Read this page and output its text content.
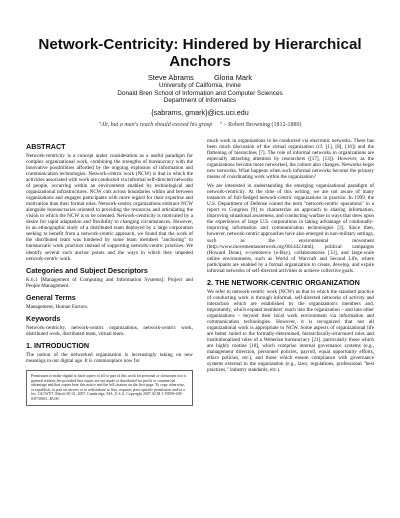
Network-Centricity: Hindered by Hierarchical Anchors
Steve Abrams	Gloria Mark
University of California, Irvine
Donald Bren School of Information and Computer Sciences
Department of Informatics
{sabrams, gmark}@ics.uci.edu
"Ah, but a man's reach should exceed his grasp " – Robert Browning (1812-1889)
ABSTRACT

Network-centricity is a concept under consideration as a useful paradigm for complex organizational work, combining the strengths of bureaucracy with the innovative possibilities afforded by the ongoing explosion of information and communication technologies. Network-centric work (NCW) is that in which the activities associated with work are conducted via informal self-directed networks of people, occurring within an environment enabled by technological and organizational infrastructures. NCW cuts across boundaries within and between organizations and engages participants with more regard for their expertise and motivation than their formal roles. Network-centric organizations embrace NCW alongside bureaucracies oriented to providing the resources and articulating the vision to which the NCW is to be oriented. Network-centricity is motivated by a desire for rapid adaptation and flexibility to changing circumstances. However, in an ethnographic study of a distributed team deployed by a large corporation seeking to benefit from a network-centric approach, we found that the work of the distributed team was hindered by some team members "anchoring" to bureaucratic work practices instead of supporting network-centric practices. We identify several such anchor points and the ways in which they impeded network-centric work.

Categories and Subject Descriptors

K.6.1 [Management of Computing and Information Systems]: Project and People Management.

General Terms

Management, Human Factors.

Keywords

Network-centricity, network-centric organizations, network-centric work, distributed work, distributed team, virtual team.

1. INTRODUCTION

The notion of the networked organization is increasingly taking on new meanings in our digital age. It is commonplace now for

Permission to make digital or hard copies of all or part of this work for personal or classroom use is granted without fee provided that copies are not made or distributed for profit or commercial advantage and that copies bear this notice and the full citation on the first page. To copy otherwise, or republish, to post on servers or to redistribute to lists, requires prior specific permission and/or a fee. CSCW'07, March 30-31, 2007, Cambridge, MA, U.S.A. Copyright 2007 ACM 1-59593-639-0/07/0003...$5.00.

much work in organizations to be conducted via electronic networks. There has been much discussion of the virtual organization (cf. [1], [8], [16]) and the flattening of hierarchies [7]. The role of informal networks in organizations are especially attracting attention by researchers ([17], [13]). However, as the organizations become more networked, the culture also changes. Networks beget new networks. What happens when such informal networks become the primary means of coordinating work within the organization?

We are interested in understanding the emerging organizational paradigm of network-centricity. At the time of this writing, we are not aware of many instances of full-fledged network-centric organizations in practice. In 1999, the U.S. Department of Defense coined the term "network-centric operations" in a report to Congress [9] to characterize an approach to sharing information, improving situational awareness, and conducting warfare in ways that drew upon the experiences of large U.S. corporations in taking advantage of continually-improving information and communication technologies [3]. Since then, however, network-centric approaches have also emerged in non-military settings, such as the environmental movement (http://www.movementasnetwork.org/001442.html), political campaigns (Howard Dean), e-commerce (e-Bay), collaboratories [13], and large-scale online environments, such as World of Warcraft and Second Life, where participants are enabled by a formal organization to create, develop, and expire informal networks of self-directed activities to achieve collective goals.

2. THE NETWORK-CENTRIC ORGANIZATION

We refer to network-centric work (NCW) as that in which the standard practice of conducting work is through informal, self-directed networks of activity and interaction which are established by the organization's members and, importantly, which expand members' reach into the organization – and into other organizations – beyond their local work environment via information and communication technologies. However, it is recognized that not all organizational work is appropriate to NCW. Some aspects of organizational life are better suited to the formally-determined, hierarchically-structured roles and institutionalized rules of a Weberian bureaucracy [21], particularly those which are highly routine [18], which comprise internal governance systems (e.g., management direction, personnel policies, payroll, equal opportunity efforts, ethics policies, etc.), and those which ensure compliance with governance systems external to the organization (e.g., laws, regulations, professional "best practices," industry standards, etc.).
